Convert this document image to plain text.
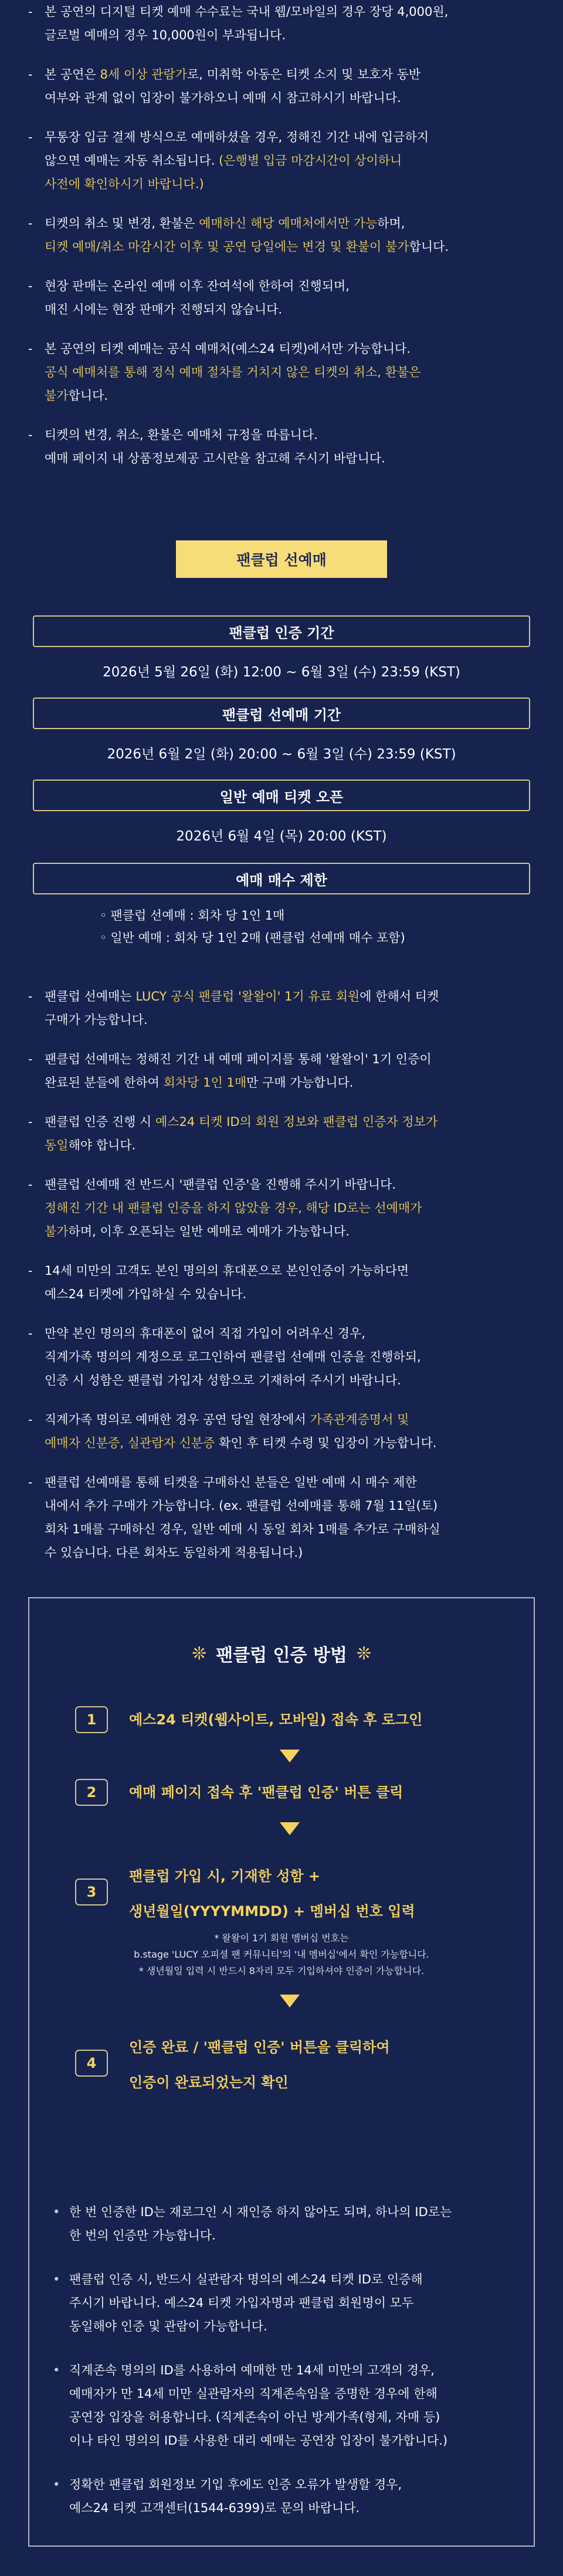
- 본 공연의 디지털 티켓 예매 수수료는 국내 웹/모바일의 경우 장당 4,000원,
글로벌 예매의 경우 10,000원이 부과됩니다.
- 본 공연은 8세 이상 관람가로, 미취학 아동은 티켓 소지 및 보호자 동반
여부와 관계 없이 입장이 불가하오니 예매 시 참고하시기 바랍니다.
- 무통장 입금 결제 방식으로 예매하셨을 경우, 정해진 기간 내에 입금하지
않으면 예매는 자동 취소됩니다. (은행별 입금 마감시간이 상이하니
사전에 확인하시기 바랍니다.)
- 티켓의 취소 및 변경, 환불은 예매하신 해당 예매처에서만 가능하며,
티켓 예매/취소 마감시간 이후 및 공연 당일에는 변경 및 환불이 불가합니다.
- 현장 판매는 온라인 예매 이후 잔여석에 한하여 진행되며,
매진 시에는 현장 판매가 진행되지 않습니다.
- 본 공연의 티켓 예매는 공식 예매처(예스24 티켓)에서만 가능합니다.
공식 예매처를 통해 정식 예매 절차를 거치지 않은 티켓의 취소, 환불은
불가합니다.
- 티켓의 변경, 취소, 환불은 예매처 규정을 따릅니다.
예매 페이지 내 상품정보제공 고시란을 참고해 주시기 바랍니다.
팬클럽 선예매
팬클럽 인증 기간
2026년 5월 26일 (화) 12:00 ~ 6월 3일 (수) 23:59 (KST)
팬클럽 선예매 기간
2026년 6월 2일 (화) 20:00 ~ 6월 3일 (수) 23:59 (KST)
일반 예매 티켓 오픈
2026년 6월 4일 (목) 20:00 (KST)
예매 매수 제한
◦ 팬클럽 선예매 : 회차 당 1인 1매
◦ 일반 예매 : 회차 당 1인 2매 (팬클럽 선예매 매수 포함)
- 팬클럽 선예매는 LUCY 공식 팬클럽 '왈왈이' 1기 유료 회원에 한해서 티켓
구매가 가능합니다.
- 팬클럽 선예매는 정해진 기간 내 예매 페이지를 통해 '왈왈이' 1기 인증이
완료된 분들에 한하여 회차당 1인 1매만 구매 가능합니다.
- 팬클럽 인증 진행 시 예스24 티켓 ID의 회원 정보와 팬클럽 인증자 정보가
동일해야 합니다.
- 팬클럽 선예매 전 반드시 '팬클럽 인증'을 진행해 주시기 바랍니다.
정해진 기간 내 팬클럽 인증을 하지 않았을 경우, 해당 ID로는 선예매가
불가하며, 이후 오픈되는 일반 예매로 예매가 가능합니다.
- 14세 미만의 고객도 본인 명의의 휴대폰으로 본인인증이 가능하다면
예스24 티켓에 가입하실 수 있습니다.
- 만약 본인 명의의 휴대폰이 없어 직접 가입이 어려우신 경우,
직계가족 명의의 계정으로 로그인하여 팬클럽 선예매 인증을 진행하되,
인증 시 성함은 팬클럽 가입자 성함으로 기재하여 주시기 바랍니다.
- 직계가족 명의로 예매한 경우 공연 당일 현장에서 가족관계증명서 및
예매자 신분증, 실관람자 신분증 확인 후 티켓 수령 및 입장이 가능합니다.
- 팬클럽 선예매를 통해 티켓을 구매하신 분들은 일반 예매 시 매수 제한
내에서 추가 구매가 가능합니다. (ex. 팬클럽 선예매를 통해 7월 11일(토)
회차 1매를 구매하신 경우, 일반 예매 시 동일 회차 1매를 추가로 구매하실
수 있습니다. 다른 회차도 동일하게 적용됩니다.)
❊ 팬클럽 인증 방법 ❊
1	예스24 티켓(웹사이트, 모바일) 접속 후 로그인
2	예매 페이지 접속 후 '팬클럽 인증' 버튼 클릭
3
팬클럽 가입 시, 기재한 성함 +
생년월일(YYYYMMDD) + 멤버십 번호 입력
* 왈왈이 1기 회원 멤버십 번호는
b.stage 'LUCY 오피셜 팬 커뮤니티'의 '내 멤버십'에서 확인 가능합니다.
* 생년월일 입력 시 반드시 8자리 모두 기입하셔야 인증이 가능합니다.
4
인증 완료 / '팬클럽 인증' 버튼을 클릭하여
인증이 완료되었는지 확인
• 한 번 인증한 ID는 재로그인 시 재인증 하지 않아도 되며, 하나의 ID로는
한 번의 인증만 가능합니다.
• 팬클럽 인증 시, 반드시 실관람자 명의의 예스24 티켓 ID로 인증해
주시기 바랍니다. 예스24 티켓 가입자명과 팬클럽 회원명이 모두
동일해야 인증 및 관람이 가능합니다.
• 직계존속 명의의 ID를 사용하여 예매한 만 14세 미만의 고객의 경우,
예매자가 만 14세 미만 실관람자의 직계존속임을 증명한 경우에 한해
공연장 입장을 허용합니다. (직계존속이 아닌 방계가족(형제, 자매 등)
이나 타인 명의의 ID를 사용한 대리 예매는 공연장 입장이 불가합니다.)
• 정확한 팬클럽 회원정보 기입 후에도 인증 오류가 발생할 경우,
예스24 티켓 고객센터(1544-6399)로 문의 바랍니다.
